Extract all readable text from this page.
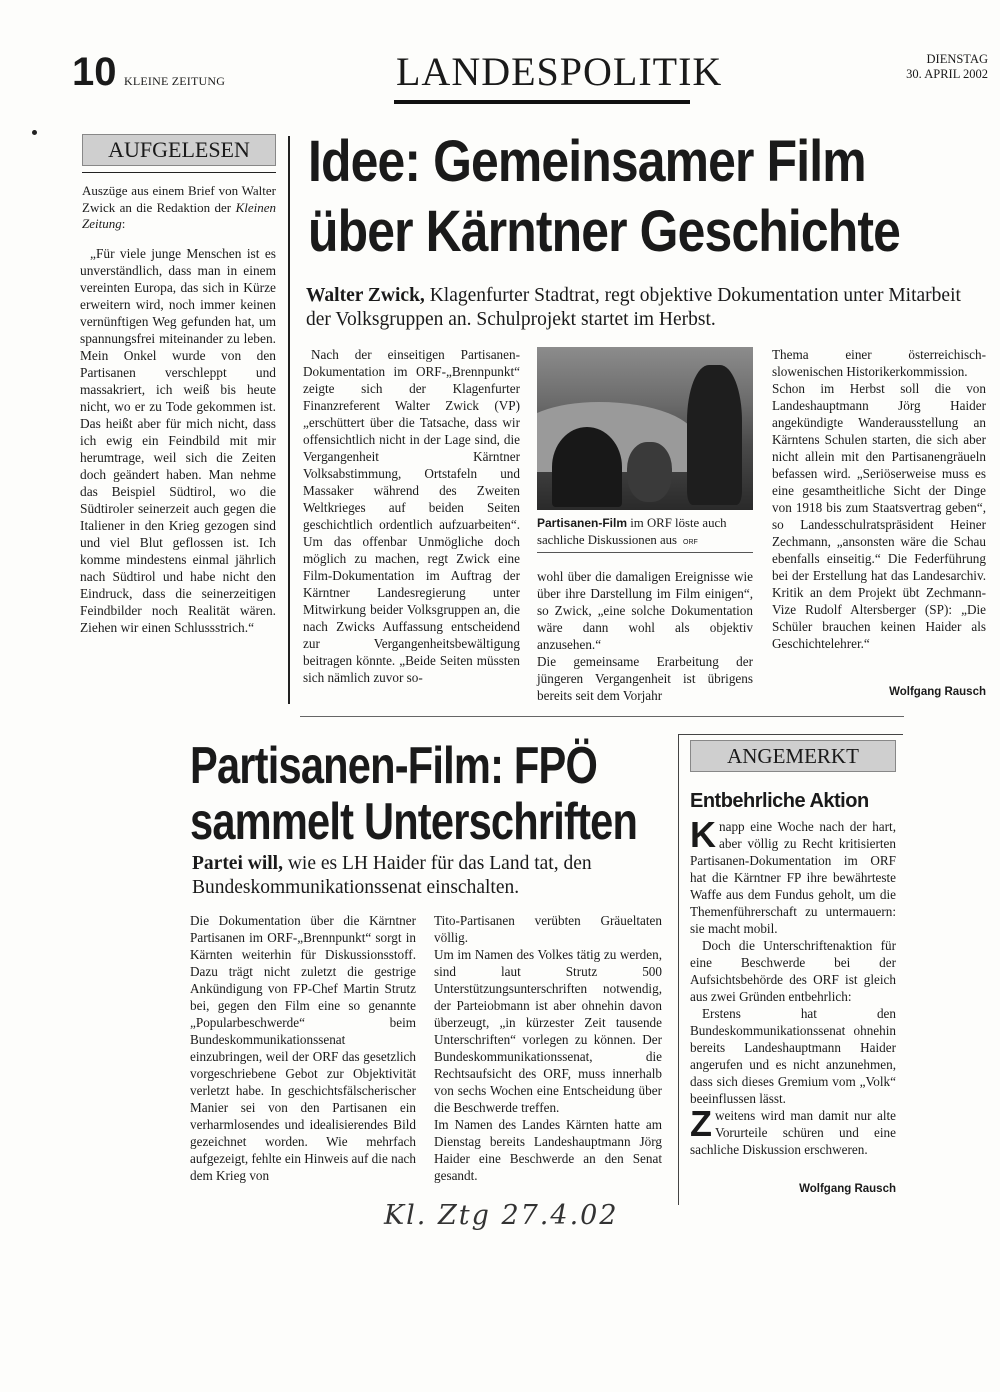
10 KLEINE ZEITUNG	LANDESPOLITIK	DIENSTAG
30. APRIL 2002
AUFGELESEN

Auszüge aus einem Brief von Walter Zwick an die Redaktion der Kleinen Zeitung:

„Für viele junge Menschen ist es unverständlich, dass man in einem vereinten Europa, das sich in Kürze erweitern wird, noch immer keinen vernünftigen Weg gefunden hat, um spannungsfrei miteinander zu leben. Mein Onkel wurde von den Partisanen verschleppt und massakriert, ich weiß bis heute nicht, wo er zu Tode gekommen ist. Das heißt aber für mich nicht, dass ich ewig ein Feindbild mit mir herumtrage, weil sich die Zeiten doch geändert haben. Man nehme das Beispiel Südtirol, wo die Südtiroler seinerzeit auch gegen die Italiener in den Krieg gezogen sind und viel Blut geflossen ist. Ich komme mindestens einmal jährlich nach Südtirol und habe nicht den Eindruck, dass die seinerzeitigen Feindbilder noch Realität wären. Ziehen wir einen Schlussstrich.“

Idee: Gemeinsamer Film
über Kärntner Geschichte

Walter Zwick, Klagenfurter Stadtrat, regt objektive Dokumentation unter Mitarbeit der Volksgruppen an. Schulprojekt startet im Herbst.

Nach der einseitigen Partisanen-Dokumentation im ORF-„Brennpunkt“ zeigte sich der Klagenfurter Finanzreferent Walter Zwick (VP) „erschüttert über die Tatsache, dass wir offensichtlich nicht in der Lage sind, die Vergangenheit Kärntner Volksabstimmung, Ortstafeln und Massaker während des Zweiten Weltkrieges auf beiden Seiten geschichtlich ordentlich aufzuarbeiten“. Um das offenbar Unmögliche doch möglich zu machen, regt Zwick eine Film-Dokumentation im Auftrag der Kärntner Landesregierung unter Mitwirkung beider Volksgruppen an, die nach Zwicks Auffassung entscheidend zur Vergangenheitsbewältigung beitragen könnte. „Beide Seiten müssten sich nämlich zuvor so-

Partisanen-Film im ORF löste auch sachliche Diskussionen aus ORF

wohl über die damaligen Ereignisse wie über ihre Darstellung im Film einigen“, so Zwick, „eine solche Dokumentation wäre dann wohl als objektiv anzusehen.“
Die gemeinsame Erarbeitung der jüngeren Vergangenheit ist übrigens bereits seit dem Vorjahr

Thema einer österreichisch-slowenischen Historikerkommission.
Schon im Herbst soll die von Landeshauptmann Jörg Haider angekündigte Wanderausstellung an Kärntens Schulen starten, die sich aber nicht allein mit den Partisanengräueln befassen wird. „Seriöserweise muss es eine gesamtheitliche Sicht der Dinge von 1918 bis zum Staatsvertrag geben“, so Landesschulratspräsident Heiner Zechmann, „ansonsten wäre die Schau ebenfalls einseitig.“ Die Federführung bei der Erstellung hat das Landesarchiv. Kritik an dem Projekt übt Zechmann-Vize Rudolf Altersberger (SP): „Die Schüler brauchen keinen Haider als Geschichtelehrer.“

Wolfgang Rausch
Partisanen-Film: FPÖ
sammelt Unterschriften

Partei will, wie es LH Haider für das Land tat, den Bundeskommunikationssenat einschalten.

Die Dokumentation über die Kärntner Partisanen im ORF-„Brennpunkt“ sorgt in Kärnten weiterhin für Diskussionsstoff. Dazu trägt nicht zuletzt die gestrige Ankündigung von FP-Chef Martin Strutz bei, gegen den Film eine so genannte „Popularbeschwerde“ beim Bundeskommunikationssenat einzubringen, weil der ORF das gesetzlich vorgeschriebene Gebot zur Objektivität verletzt habe. In geschichtsfälscherischer Manier sei von den Partisanen ein verharmlosendes und idealisierendes Bild gezeichnet worden. Wie mehrfach aufgezeigt, fehlte ein Hinweis auf die nach dem Krieg von

Tito-Partisanen verübten Gräueltaten völlig.
Um im Namen des Volkes tätig zu werden, sind laut Strutz 500 Unterstützungsunterschriften notwendig, der Parteiobmann ist aber ohnehin davon überzeugt, „in kürzester Zeit tausende Unterschriften“ vorlegen zu können. Der Bundeskommunikationssenat, die Rechtsaufsicht des ORF, muss innerhalb von sechs Wochen eine Entscheidung über die Beschwerde treffen.
Im Namen des Landes Kärnten hatte am Dienstag bereits Landeshauptmann Jörg Haider eine Beschwerde an den Senat gesandt.

ANGEMERKT
Entbehrliche Aktion

Knapp eine Woche nach der hart, aber völlig zu Recht kritisierten Partisanen-Dokumentation im ORF hat die Kärntner FP ihre bewährteste Waffe aus dem Fundus geholt, um die Themenführerschaft zu untermauern: sie macht mobil.

Doch die Unterschriftenaktion für eine Beschwerde bei der Aufsichtsbehörde des ORF ist gleich aus zwei Gründen entbehrlich:

Erstens hat den Bundeskommunikationssenat ohnehin bereits Landeshauptmann Haider angerufen und es nicht anzunehmen, dass sich dieses Gremium vom „Volk“ beeinflussen lässt.

Zweitens wird man damit nur alte Vorurteile schüren und eine sachliche Diskussion erschweren.

Wolfgang Rausch
Kl. Ztg 27.4.02
